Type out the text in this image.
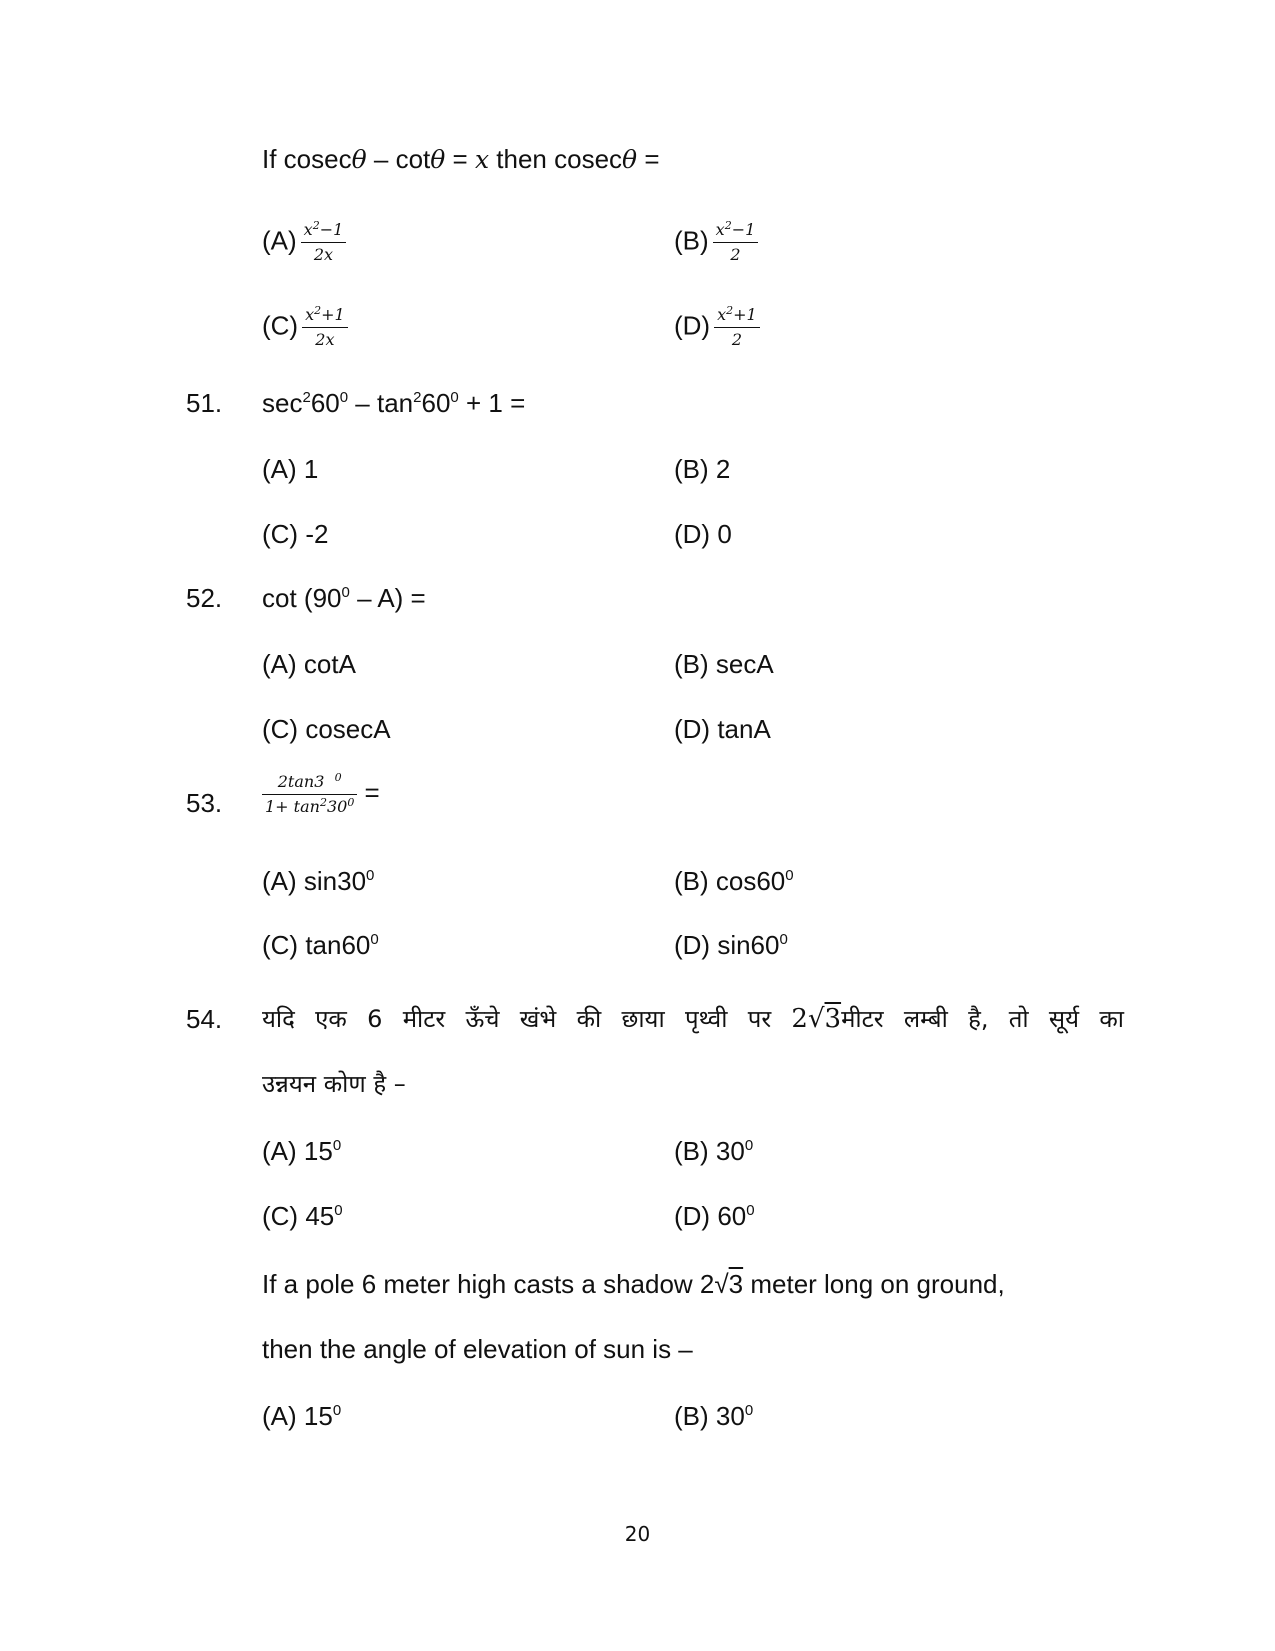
If cosecθ – cotθ = x then cosecθ =
$(A) \frac{x^2-1}{2x}$	$(B) \frac{x^2-1}{2}$
$(C) \frac{x^2+1}{2x}$	$(D) \frac{x^2+1}{2}$
51. $\sec^260^0 - \tan^260^0 + 1$ =
(A) 1	(B) 2
(C) -2	(D) 0
52. $\cot (90^0 - A)$ =
(A) cotA	(B) secA
(C) cosecA	(D) tanA
53. $\frac{2\tan 3 ^0}{1+ \tan^230^0}$ =
(A) $\sin 30^0$	(B) $\cos 60^0$
(C) $\tan 60^0$	(D) $\sin 60^0$
54. यदि एक 6 मीटर ऊँचे खंभे की छाया पृथ्वी पर 2√3मीटर लम्बी है, तो सूर्य का
उन्नयन कोण है –
(A) $15^0$	(B) $30^0$
(C) $45^0$	(D) $60^0$
If a pole 6 meter high casts a shadow 2√3 meter long on ground,
then the angle of elevation of sun is –
(A) $15^0$	(B) $30^0$
20
